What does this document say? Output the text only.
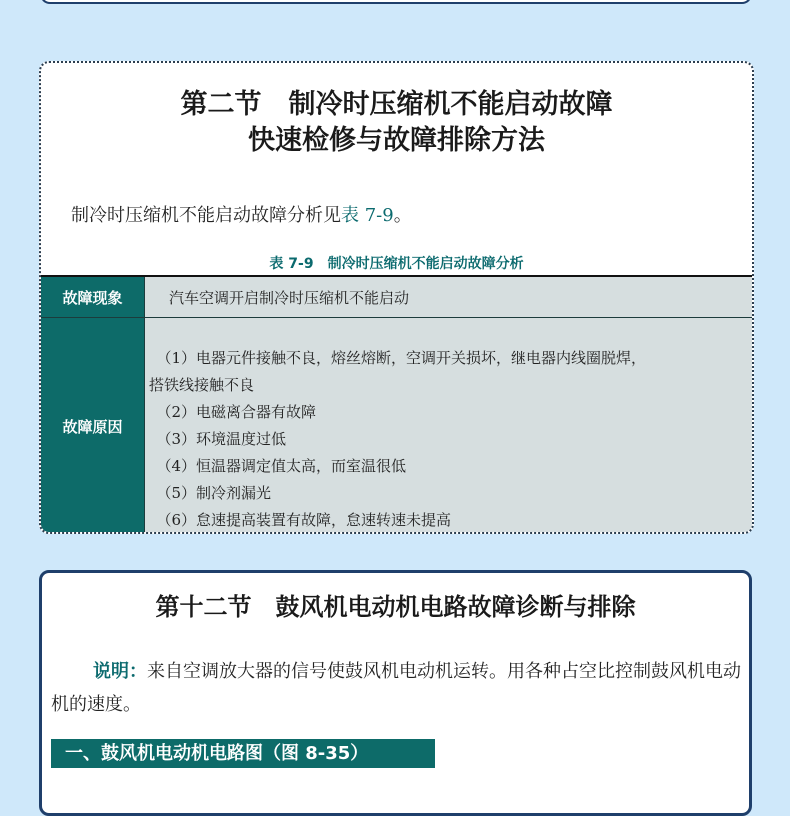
第二节　制冷时压缩机不能启动故障
快速检修与故障排除方法
制冷时压缩机不能启动故障分析见表 7-9。
表 7-9　制冷时压缩机不能启动故障分析
故障现象	汽车空调开启制冷时压缩机不能启动
故障原因
　（1）电器元件接触不良，熔丝熔断，空调开关损坏，继电器内线圈脱焊，
搭铁线接触不良
　（2）电磁离合器有故障
　（3）环境温度过低
　（4）恒温器调定值太高，而室温很低
　（5）制冷剂漏光
　（6）怠速提高装置有故障，怠速转速未提高
第十二节　鼓风机电动机电路故障诊断与排除
说明：来自空调放大器的信号使鼓风机电动机运转。用各种占空比控制鼓风机电动机的速度。
一、鼓风机电动机电路图（图 8-35）
